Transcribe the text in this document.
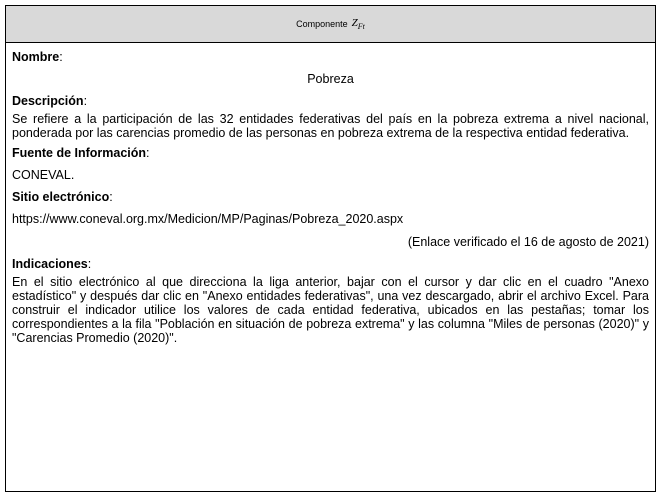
Componente $Z_{Ft}$
Nombre:
Pobreza
Descripción:
Se refiere a la participación de las 32 entidades federativas del país en la pobreza extrema a nivel nacional, ponderada por las carencias promedio de las personas en pobreza extrema de la respectiva entidad federativa.
Fuente de Información:
CONEVAL.
Sitio electrónico:
https://www.coneval.org.mx/Medicion/MP/Paginas/Pobreza_2020.aspx
(Enlace verificado el 16 de agosto de 2021)
Indicaciones:
En el sitio electrónico al que direcciona la liga anterior, bajar con el cursor y dar clic en el cuadro "Anexo estadístico" y después dar clic en "Anexo entidades federativas", una vez descargado, abrir el archivo Excel. Para construir el indicador utilice los valores de cada entidad federativa, ubicados en las pestañas; tomar los correspondientes a la fila "Población en situación de pobreza extrema" y las columna "Miles de personas (2020)" y "Carencias Promedio (2020)".
